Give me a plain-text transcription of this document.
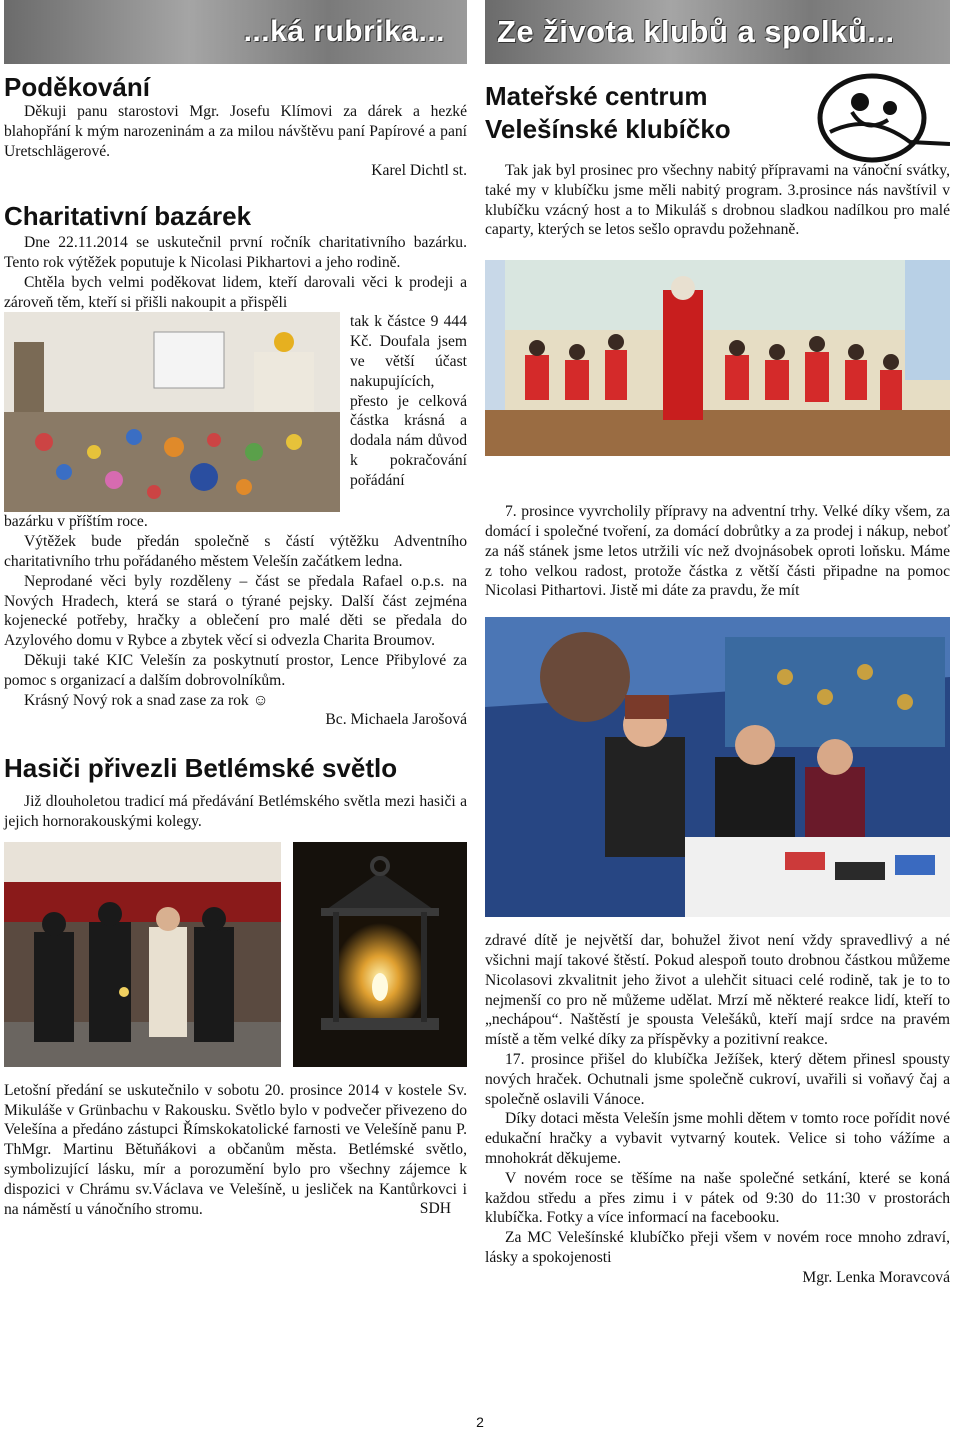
...ká rubrika...
Poděkování

Děkuji panu starostovi Mgr. Josefu Klímovi za dárek a hezké blahopřání k mým narozeninám a za milou návštěvu paní Papírové a paní Uretschlägerové.

Karel Dichtl st.

Charitativní bazárek

Dne 22.11.2014 se uskutečnil první ročník charitativního bazárku. Tento rok výtěžek poputuje k Nicolasi Pikhartovi a jeho rodině.

Chtěla bych velmi poděkovat lidem, kteří darovali věci k prodeji a zároveň těm, kteří si přišli nakoupit a přispěli

tak k částce 9 444 Kč. Doufala jsem ve větší účast nakupujících, přesto je celková částka krásná a dodala nám důvod k pokračování pořádání

bazárku v příštím roce.

Výtěžek bude předán společně s částí výtěžku Adventního charitativního trhu pořádaného městem Velešín začátkem ledna.

Neprodané věci byly rozděleny – část se předala Rafael o.p.s. na Nových Hradech, která se stará o týrané pejsky. Další část zejména kojenecké potřeby, hračky a oblečení pro malé děti se předala do Azylového domu v Rybce a zbytek věcí si odvezla Charita Broumov.

Děkuji také KIC Velešín za poskytnutí prostor, Lence Přibylové za pomoc s organizací a dalším dobrovolníkům.

Krásný Nový rok a snad zase za rok ☺

Bc. Michaela Jarošová

Hasiči přivezli Betlémské světlo

Již dlouholetou tradicí má předávání Betlémského světla mezi hasiči a jejich hornorakouskými kolegy.

Letošní předání se uskutečnilo v sobotu 20. prosince 2014 v kostele Sv. Mikuláše v Grünbachu v Rakousku. Světlo bylo v podvečer přivezeno do Velešína a předáno zástupci Římskokatolické farnosti ve Velešíně panu P. ThMgr. Martinu Bětuňákovi a občanům města. Betlémské světlo, symbolizující lásku, mír a porozumění bylo pro všechny zájemce k dispozici v Chrámu sv.Václava ve Velešíně, u jesliček na Kantůrkovci i na náměstí u vánočního stromu.	SDH

Ze života klubů a spolků...
Mateřské centrum
Velešínské klubíčko

Tak jak byl prosinec pro všechny nabitý přípravami na vánoční svátky, také my v klubíčku jsme měli nabitý program. 3.prosince nás navštívil v klubíčku vzácný host a to Mikuláš s drobnou sladkou nadílkou pro malé caparty, kterých se letos sešlo opravdu požehnaně.

7. prosince vyvrcholily přípravy na adventní trhy. Velké díky všem, za domácí i společné tvoření, za domácí dobrůtky a za prodej i nákup, neboť za náš stánek jsme letos utržili víc než dvojnásobek oproti loňsku. Máme z toho velkou radost, protože částka z větší části připadne na pomoc Nicolasi Pithartovi. Jistě mi dáte za pravdu, že mít

zdravé dítě je největší dar, bohužel život není vždy spravedlivý a né všichni mají takové štěstí. Pokud alespoň touto drobnou částkou můžeme Nicolasovi zkvalitnit jeho život a ulehčit situaci celé rodině, tak je to to nejmenší co pro ně můžeme udělat. Mrzí mě některé reakce lidí, kteří to „nechápou“. Naštěstí je spousta Velešáků, kteří mají srdce na pravém místě a těm velké díky za příspěvky a pozitivní reakce.

17. prosince přišel do klubíčka Ježíšek, který dětem přinesl spousty nových hraček. Ochutnali jsme společně cukroví, uvařili si voňavý čaj a společně oslavili Vánoce.

Díky dotaci města Velešín jsme mohli dětem v tomto roce pořídit nové edukační hračky a vybavit vytvarný koutek. Velice si toho vážíme a mnohokrát děkujeme.

V novém roce se těšíme na naše společné setkání, které se koná každou středu a přes zimu i v pátek od 9:30 do 11:30 v prostorách klubíčka. Fotky a více informací na facebooku.

Za MC Velešínské klubíčko přeji všem v novém roce mnoho zdraví, lásky a spokojenosti

Mgr. Lenka Moravcová

2
